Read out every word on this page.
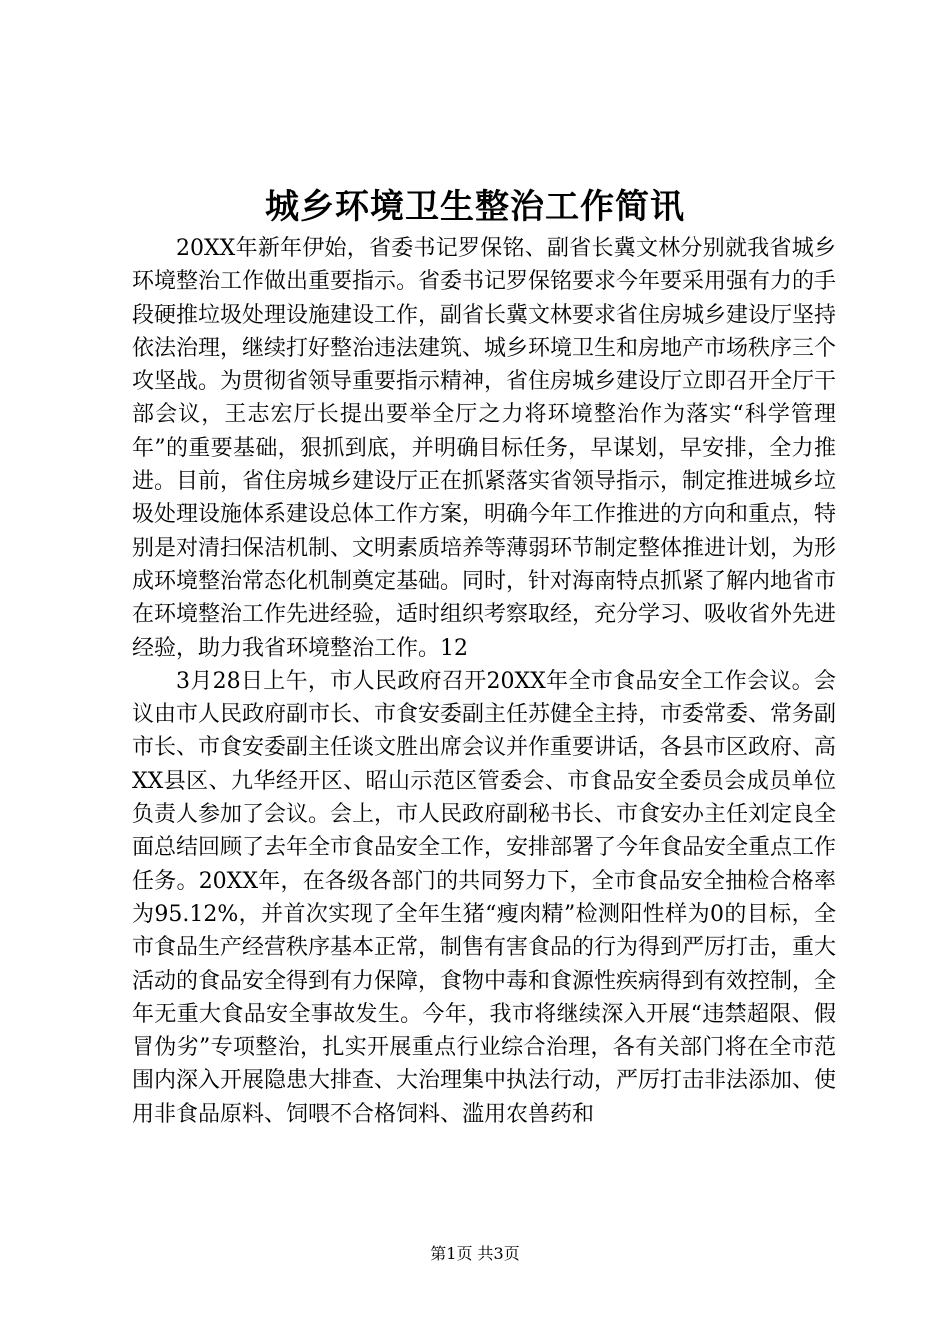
城乡环境卫生整治工作简讯

20XX年新年伊始，省委书记罗保铭、副省长冀文林分别就我省城乡环境整治工作做出重要指示。省委书记罗保铭要求今年要采用强有力的手段硬推垃圾处理设施建设工作，副省长冀文林要求省住房城乡建设厅坚持依法治理，继续打好整治违法建筑、城乡环境卫生和房地产市场秩序三个攻坚战。为贯彻省领导重要指示精神，省住房城乡建设厅立即召开全厅干部会议，王志宏厅长提出要举全厅之力将环境整治作为落实“科学管理年”的重要基础，狠抓到底，并明确目标任务，早谋划，早安排，全力推进。目前，省住房城乡建设厅正在抓紧落实省领导指示，制定推进城乡垃圾处理设施体系建设总体工作方案，明确今年工作推进的方向和重点，特别是对清扫保洁机制、文明素质培养等薄弱环节制定整体推进计划，为形成环境整治常态化机制奠定基础。同时，针对海南特点抓紧了解内地省市在环境整治工作先进经验，适时组织考察取经，充分学习、吸收省外先进经验，助力我省环境整治工作。12

3月28日上午，市人民政府召开20XX年全市食品安全工作会议。会议由市人民政府副市长、市食安委副主任苏健全主持，市委常委、常务副市长、市食安委副主任谈文胜出席会议并作重要讲话，各县市区政府、高XX县区、九华经开区、昭山示范区管委会、市食品安全委员会成员单位负责人参加了会议。会上，市人民政府副秘书长、市食安办主任刘定良全面总结回顾了去年全市食品安全工作，安排部署了今年食品安全重点工作任务。20XX年，在各级各部门的共同努力下，全市食品安全抽检合格率为95.12%，并首次实现了全年生猪“瘦肉精”检测阳性样为0的目标，全市食品生产经营秩序基本正常，制售有害食品的行为得到严厉打击，重大活动的食品安全得到有力保障，食物中毒和食源性疾病得到有效控制，全年无重大食品安全事故发生。今年，我市将继续深入开展“违禁超限、假冒伪劣”专项整治，扎实开展重点行业综合治理，各有关部门将在全市范围内深入开展隐患大排查、大治理集中执法行动，严厉打击非法添加、使用非食品原料、饲喂不合格饲料、滥用农兽药和

第1页 共3页
